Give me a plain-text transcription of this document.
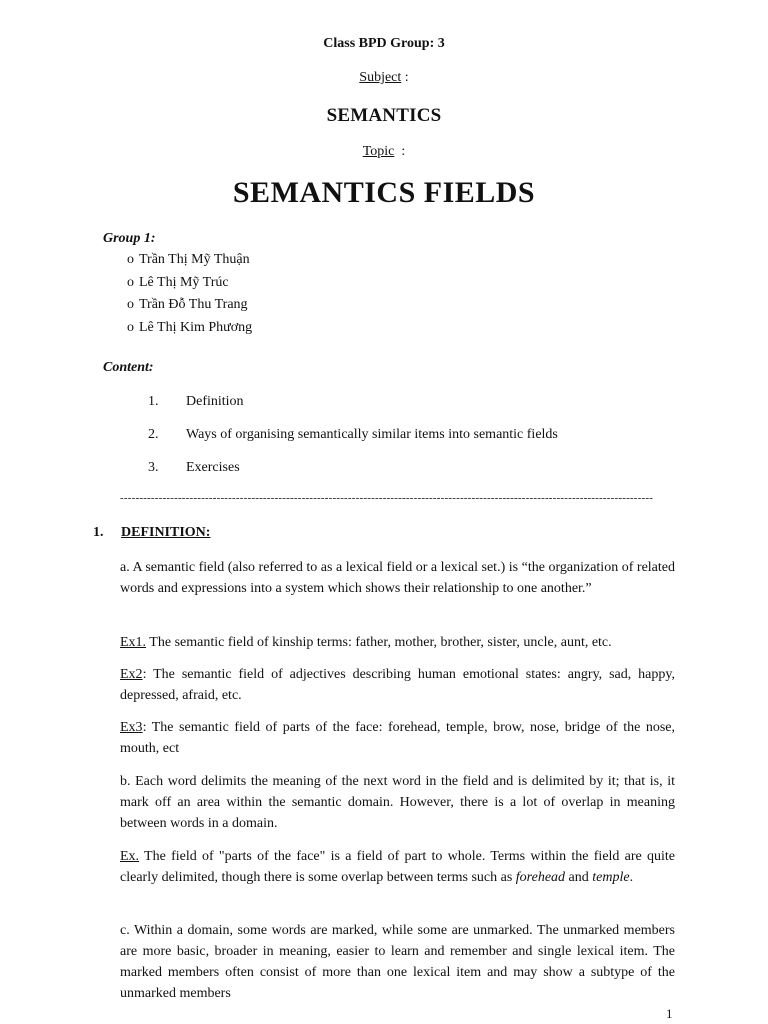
Class BPD Group: 3
Subject :
SEMANTICS
Topic  :
SEMANTICS FIELDS
Group 1:
o Trần Thị Mỹ Thuận
o Lê Thị Mỹ Trúc
o Trần Đỗ Thu Trang
o Lê Thị Kim Phương
Content:
1. Definition
2. Ways of organising semantically similar items into semantic fields
3. Exercises
------------------------------------------------------------------------------------------------------------------------------------------
1. DEFINITION:
a. A semantic field (also referred to as a lexical field or a lexical set.) is “the organization of related words and expressions into a system which shows their relationship to one another.”
Ex1. The semantic field of kinship terms: father, mother, brother, sister, uncle, aunt, etc.
Ex2: The semantic field of adjectives describing human emotional states: angry, sad, happy, depressed, afraid, etc.
Ex3: The semantic field of parts of the face: forehead, temple, brow, nose, bridge of the nose, mouth, ect
b. Each word delimits the meaning of the next word in the field and is delimited by it; that is, it mark off an area within the semantic domain. However, there is a lot of overlap in meaning between words in a domain.
Ex. The field of "parts of the face" is a field of part to whole. Terms within the field are quite clearly delimited, though there is some overlap between terms such as forehead and temple.
c. Within a domain, some words are marked, while some are unmarked. The unmarked members are more basic, broader in meaning, easier to learn and remember and single lexical item. The marked members often consist of more than one lexical item and may show a subtype of the unmarked members
1
